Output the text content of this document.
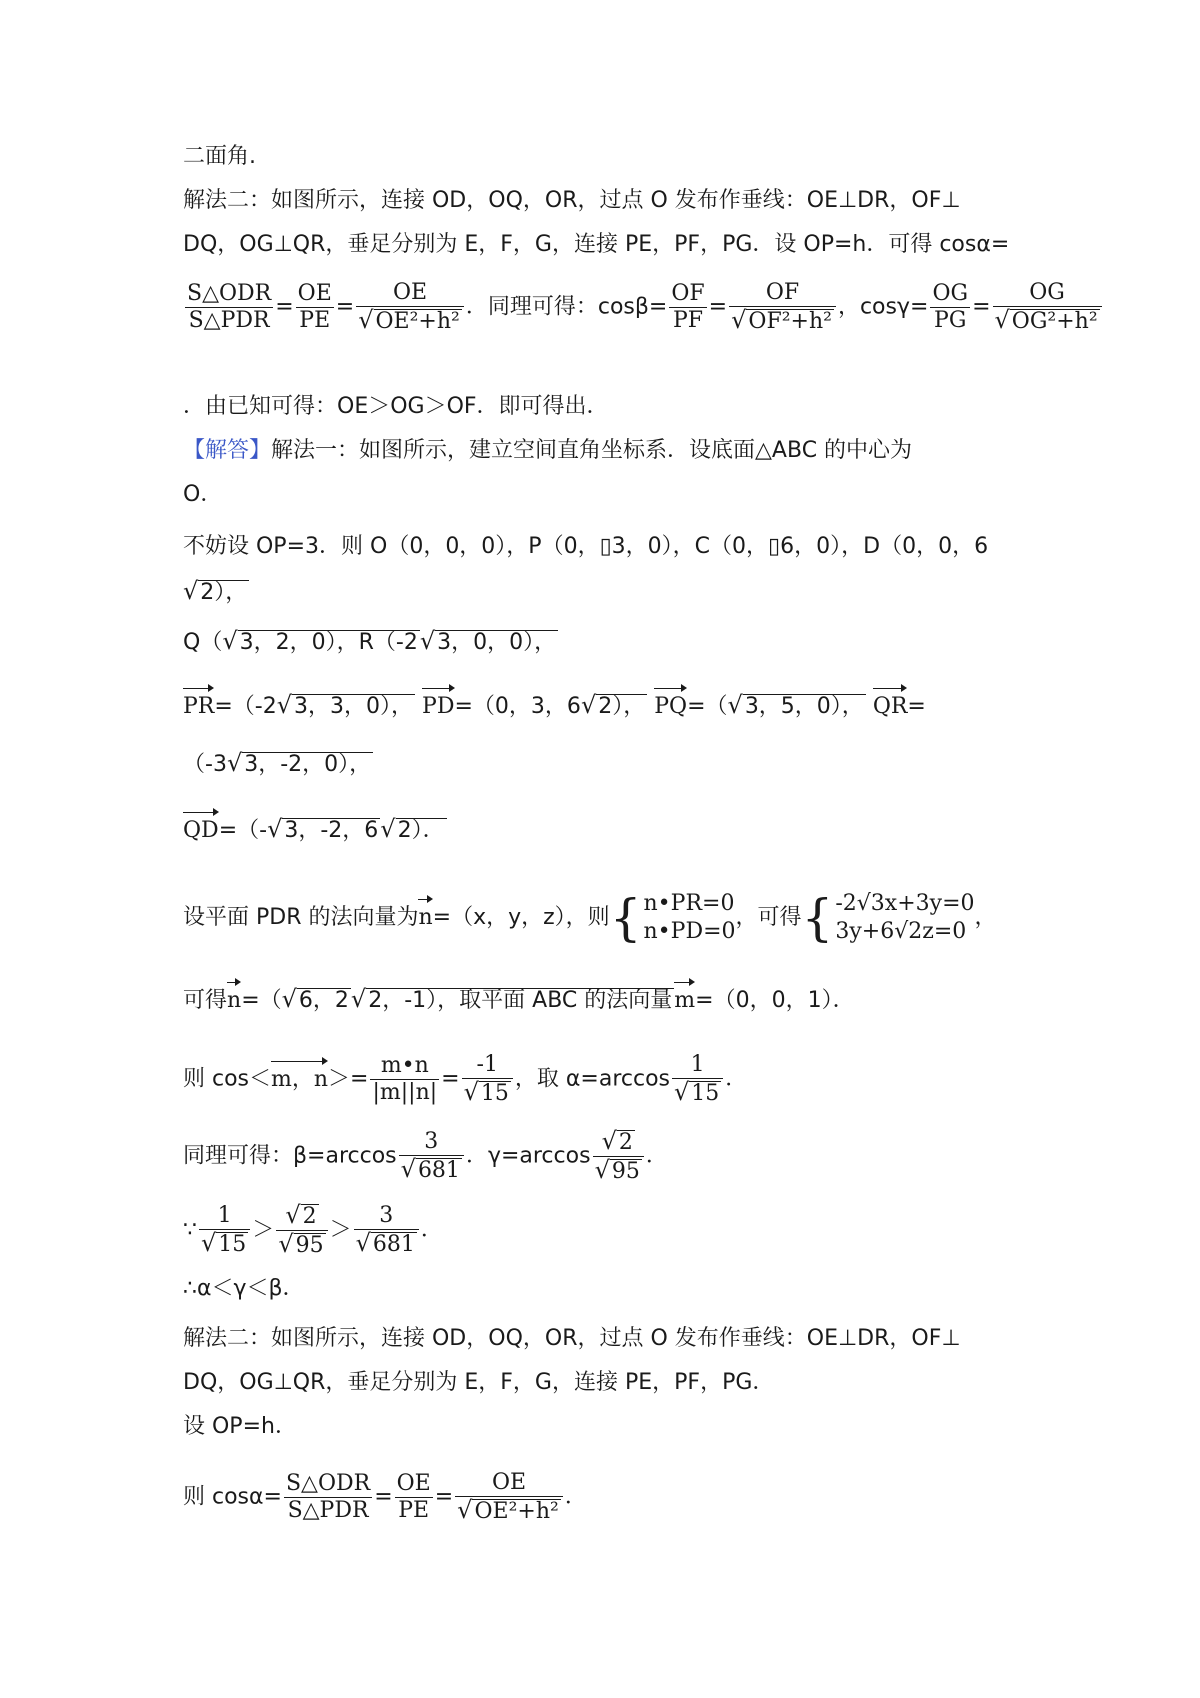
二面角.
解法二：如图所示，连接 OD，OQ，OR，过点 O 发布作垂线：OE⊥DR，OF⊥
DQ，OG⊥QR，垂足分别为 E，F，G，连接 PE，PF，PG．设 OP=h．可得 cosα=
$\frac{\text{S△ODR}}{\text{S△PDR}} = \frac{OE}{PE} = \frac{OE}{\text{√OE²+h²}}$ ．同理可得：$\cos\beta= \frac{OF}{PF} = \frac{OF}{\text{√OF²+h²}}$ ，$\cos\gamma= \frac{OG}{PG} = \frac{OG}{\text{√OG²+h²}}$
．由已知可得：OE＞OG＞OF．即可得出．
【解答】解法一：如图所示，建立空间直角坐标系．设底面△ABC 的中心为
O．
不妨设 OP=3．则 O（0，0，0），P（0，▯3，0），C（0，▯6，0），D（0，0，6
√2），
Q（√3，2，0），R（-2√3，0，0），
PR=（-2√3，3，0）， PD=（0，3，6√2）， PQ=（√3，5，0）， QR=
（-3√3，-2，0），
QD=（-√3，-2，6√2）．
设平面 PDR 的法向量为n=（x，y，z），则{ n•PR=0
n•PD=0
，可得{ -2√3x+3y=0
3y+6√2z=0
，
可得n=（√6，2√2，-1），取平面 ABC 的法向量m=（0，0，1）．
则 cos＜m，$n>= \frac{m•n}{|m||n|} = \frac{-1}{√15}$ ，取 $\alpha=\arccos \frac{1}{√15}$ ．
同理可得：$\beta=\arccos \frac{3}{√681}$ ．$\gamma=\arccos \frac{√2}{√95}$ ．
∵ $\frac{1}{√15} > \frac{√2}{√95} > \frac{3}{√681}$ ．
∴α＜γ＜β．
解法二：如图所示，连接 OD，OQ，OR，过点 O 发布作垂线：OE⊥DR，OF⊥
DQ，OG⊥QR，垂足分别为 E，F，G，连接 PE，PF，PG．
设 OP=h．
则 $\cos\alpha= \frac{\text{S△ODR}}{\text{S△PDR}} = \frac{OE}{PE} = \frac{OE}{\text{√OE²+h²}}$ ．
